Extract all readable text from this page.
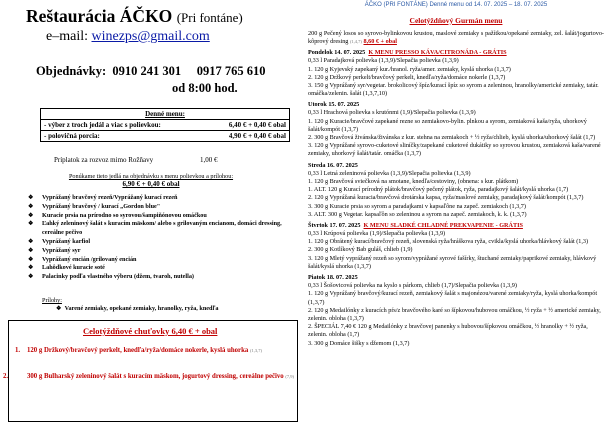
Reštaurácia ÁČKO (Pri fontáne)
e–mail: winezps@gmail.com
Objednávky: 0910 241 301 0917 765 610
od 8:00 hod.
Denné menu:
- výber z troch jedál a viac s polievkou:	6,40 € + 0,40 € obal
- polovičná porcia:	4,90 € + 0,40 € obal
Príplatok za rozvoz mimo Rožňavy	1,00 €
Ponúkame tieto jedlá na objednávku s menu polievkou a prílohou:
6,90 € + 0,40 € obal
❖ Vyprážaný bravčový rezeň/Vyprážaný kurací rezeň
❖ Vyprážaný bravčový / kurací „Gordon blue"
❖ Kuracie prsia na prírodno so syrovou/šampiňónovou omáčkou
❖ Ľahký zeleninový šalát s kuracím mäskom/ alebo s grilovaným encianom, domáci dressing, cereálne pečivo
❖ Vyprážaný karfiol
❖ Vyprážaný syr
❖ Vyprážaný encián /grilovaný encián
❖ Lahôdkové kuracie soté
❖ Palacinky podľa vlastného výberu (džem, tvaroh, nutella)
Prílohy:
❖ Varené zemiaky, opekané zemiaky, hranolky, ryža, knedľa
Celotýždňové chuťovky 6,40 € + obal
1. 120 g Držkový/bravčový perkelt, knedľa/ryža/domáce nokerle, kyslá uhorka (1,3,7)
2.	300 g Bulharský zeleninový šalát s kuracím mäskom, jogurtový dressing, cereálne pečivo (7,9)
ÁČKO (PRI FONTÁNE) Denné menu od 14. 07. 2025 – 18. 07. 2025
Celotýždňový Gurmán menu
200 g Pečený losos so syrovo-bylinkovou krustou, maslové zemiaky s pažítkou/opekané zemiaky, zel. šalát/jogurtovo-kôprový dresing (1,4,7) 8,60 € + obal
Pondelok 14. 07. 2025 K MENU PRESSO KÁVA/CITRONÁDA - GRÁTIS
0,33 l Paradajková polievka (1,3,9)/Slepačia polievka (1,3,9)
1. 120 g Kyjevský zapekaný kur./hranol. ryža/amer. zemiaky, kyslá uhorka (1,3,7)
2. 120 g Držkový perkelt/bravčový perkelt, knedľa/ryža/domáce nokerle (1,3,7)
3. 150 g Vyprážaný syr/vegetar. brokolicový špíz/kurací špíz so syrom a zeleninou, hranolky/americké zemiaky, tatár. omáčka/zelenin. šalát (1,3,7,10)
Utorok 15. 07. 2025
0,33 l Hrachová polievka s krutónmi (1,9)/Slepačia polievka (1,3,9)
1. 120 g Kuracie/bravčové zapekané rezne so zemiakovo-bylin. plnkou a syrom, zemiaková kaša/ryža, uhorkový šalát/kompót (1,3,7)
2. 300 g Bravčová živánska/živánska z kur. stehna na zemiakoch + ½ ryža/chlieb, kyslá uhorka/uhorkový šalát (1,7)
3. 120 g Vyprážané syrovo-cuketové sliníčky/zapekané cuketové dukátiky so syrovou krustou, zemiaková kaša/varené zemiaky, uhorkový šalát/tatár. omáčka (1,3,7)
Streda 16. 07. 2025
0,33 l Letná zeleninová polievka (1,3,9)/Slepačia polievka (1,3,9)
1. 120 g Bravčová sviečková na smotane, knedľa/cestoviny, (obnena: s kur. plátkom)
1. ALT. 120 g Kurací prírodný plátok/bravčový pečený plátok, ryža, paradajkový šalát/kyslá uhorka (1,7)
2. 120 g Vyprážaná kuracia/bravčová drotárska kapsa, ryža/maslové zemiaky, paradajkový šalát/kompót (1,3,7)
3. 300 g Kuracie prsia so syrom a paradajkami v kapsaľône na zapeč. zemiakoch (1,3,7)
3. ALT. 300 g Vegetar. kapsaľôn so zeleninou a syrom na zapeč. zemiakoch, k. k. (1,3,7)
Štvrtok 17. 07. 2025 K MENU SLADKÉ CHLADNÉ PREKVAPENIE - GRÁTIS
0,33 l Krúpová polievka (1,9)/Slepačia polievka (1,3,9)
1. 120 g Obrátený kurací/bravčový rezeň, slovenská ryža/hráškova ryža, cvikla/kyslá uhorka/hlávkový šalát (1,3)
2. 300 g Kotlíkový Bab guláš, chlieb (1,9)
3. 120 g Mletý vyprážaný rezeň so syrom/vyprážané syrové fašírky, štuchané zemiaky/paprikové zemiaky, hlávkový šalát/kyslá uhorka (1,3,7)
Piatok 18. 07. 2025
0,33 l Šošovicová polievka na kyslo s párkom, chlieb (1,7)/Slepačia polievka (1,3,9)
1. 120 g Vyprážaný bravčový/kurací rezeň, zemiakový šalát s majonézou/varené zemiaky/ryža, kyslá uhorka/kompót (1,3,7)
2. 120 g Medailónky z kuracích pŕs/z bravčového karé so šípkovou/hubovou omáčkou, ½ ryža + ½ americké zemiaky, zelenin. obloha (1,3,7)
2. ŠPECIÁL 7,40 € 120 g Medailónky z bravčovej panenky s hubovou/šípkovou omáčkou, ½ hranolky + ½ ryža, zelenin. obloha (1,7)
3. 300 g Domáce šišky s džemom (1,3,7)
